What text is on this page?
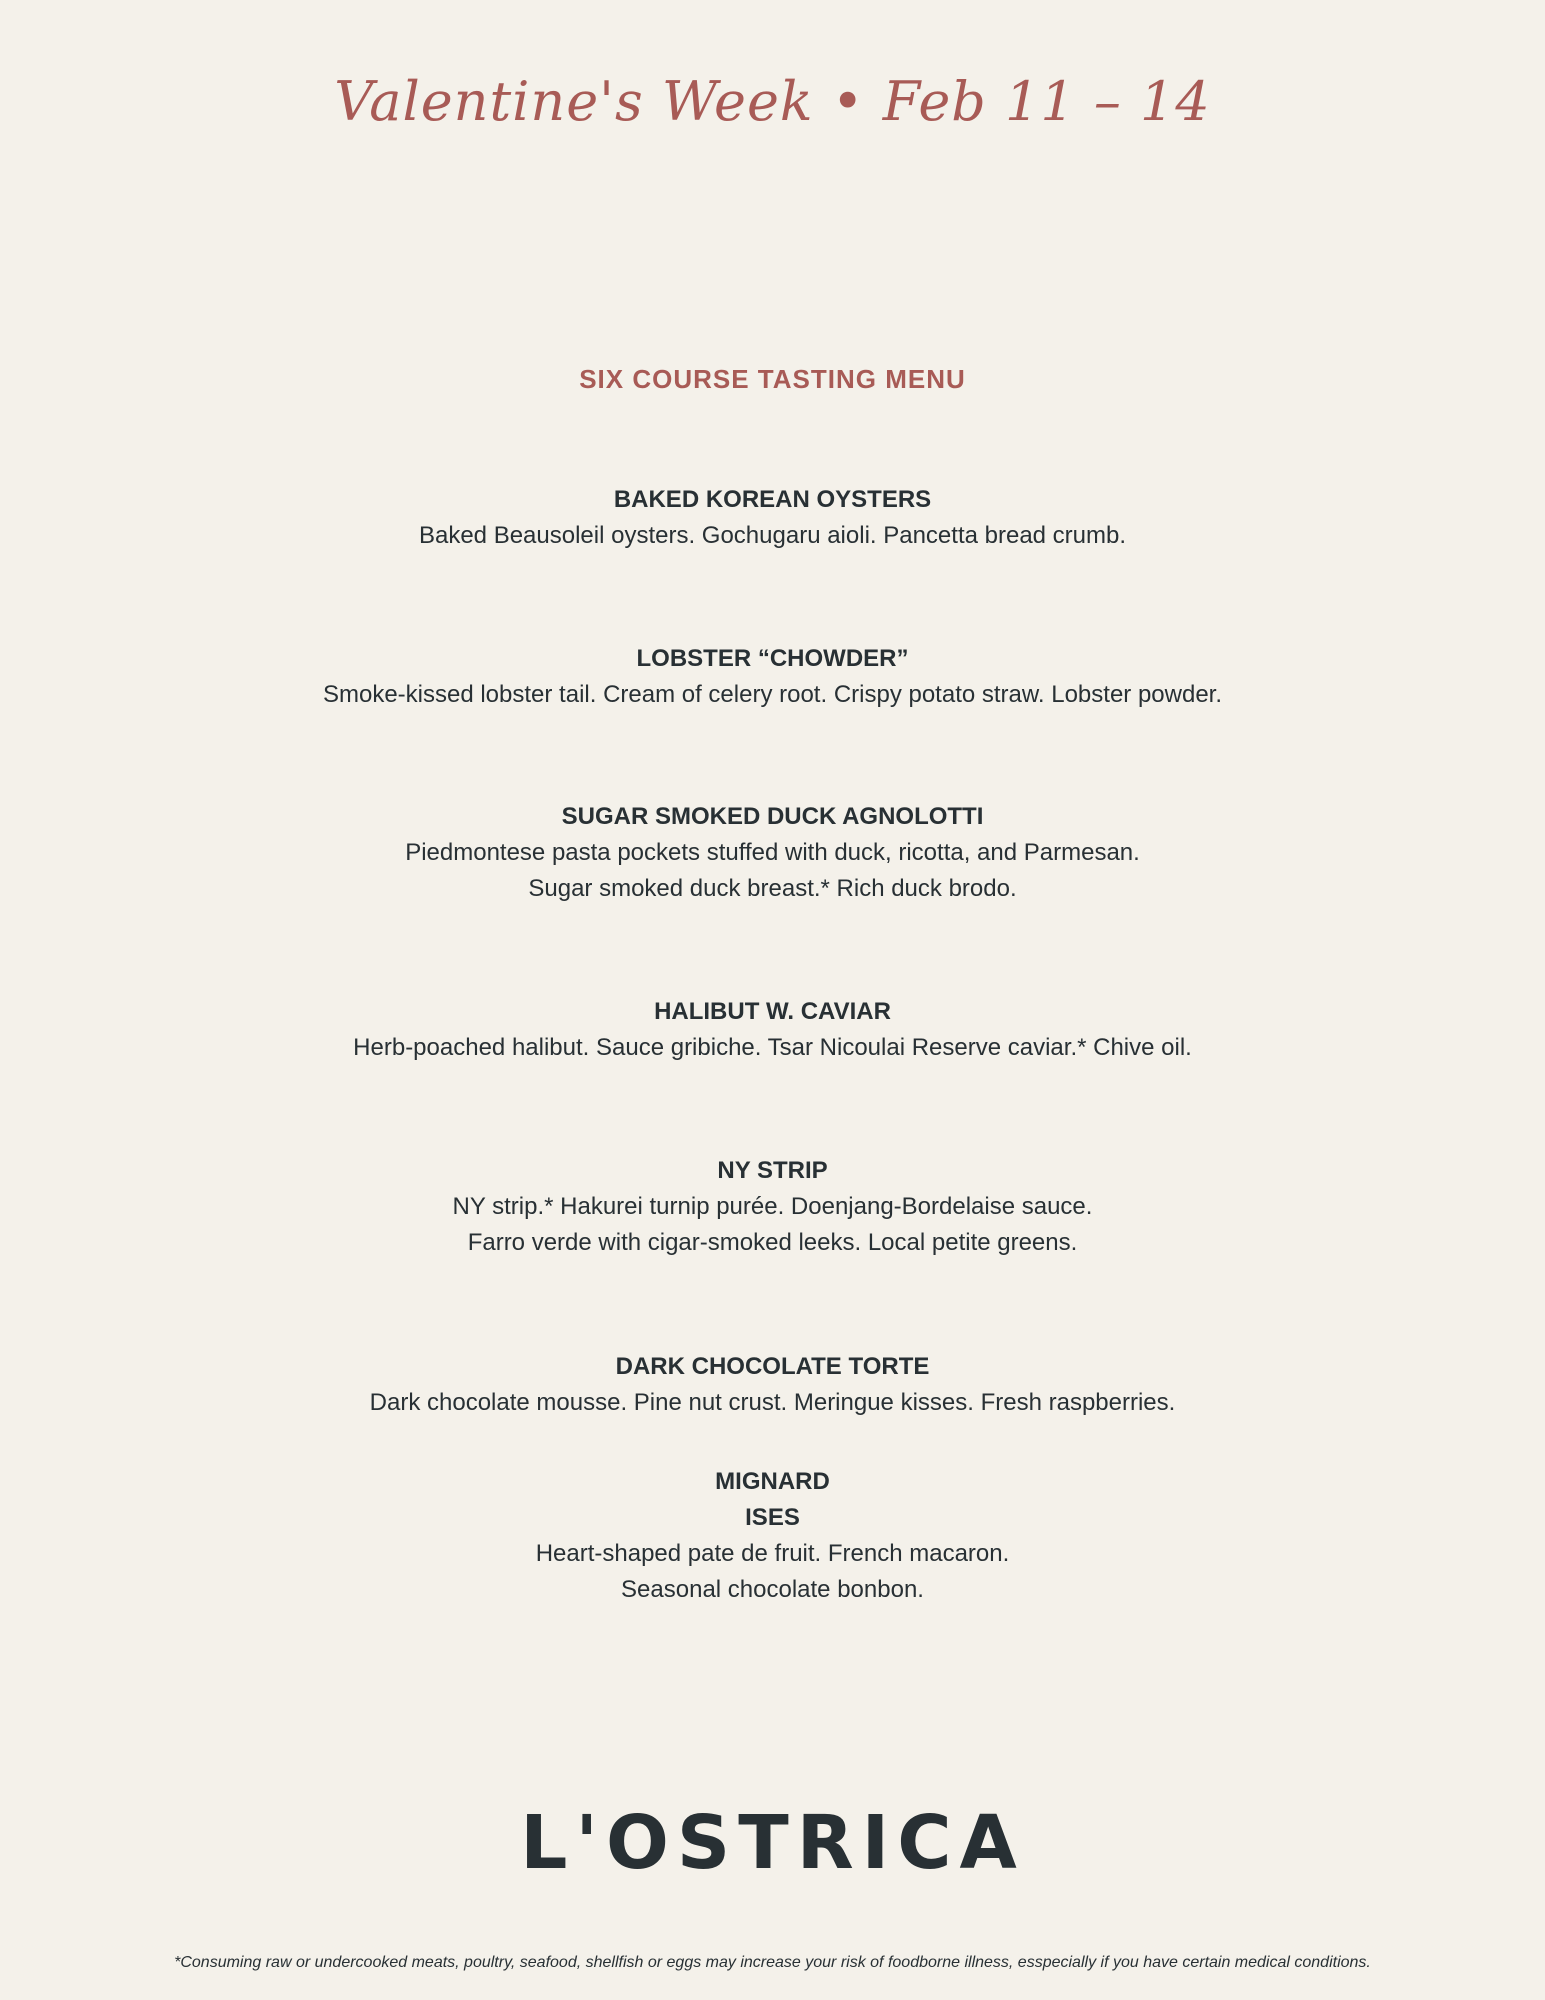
Valentine's Week • Feb 11 – 14
SIX COURSE TASTING MENU
BAKED KOREAN OYSTERS
Baked Beausoleil oysters. Gochugaru aioli. Pancetta bread crumb.
LOBSTER “CHOWDER”
Smoke-kissed lobster tail. Cream of celery root. Crispy potato straw. Lobster powder.
SUGAR SMOKED DUCK AGNOLOTTI
Piedmontese pasta pockets stuffed with duck, ricotta, and Parmesan.
Sugar smoked duck breast.* Rich duck brodo.
HALIBUT W. CAVIAR
Herb-poached halibut. Sauce gribiche. Tsar Nicoulai Reserve caviar.* Chive oil.
NY STRIP
NY strip.* Hakurei turnip purée. Doenjang-Bordelaise sauce.
Farro verde with cigar-smoked leeks. Local petite greens.
DARK CHOCOLATE TORTE
Dark chocolate mousse. Pine nut crust. Meringue kisses. Fresh raspberries.
MIGNARD
ISES
Heart-shaped pate de fruit. French macaron.
Seasonal chocolate bonbon.
L'OSTRICA
*Consuming raw or undercooked meats, poultry, seafood, shellfish or eggs may increase your risk of foodborne illness, esspecially if you have certain medical conditions.
